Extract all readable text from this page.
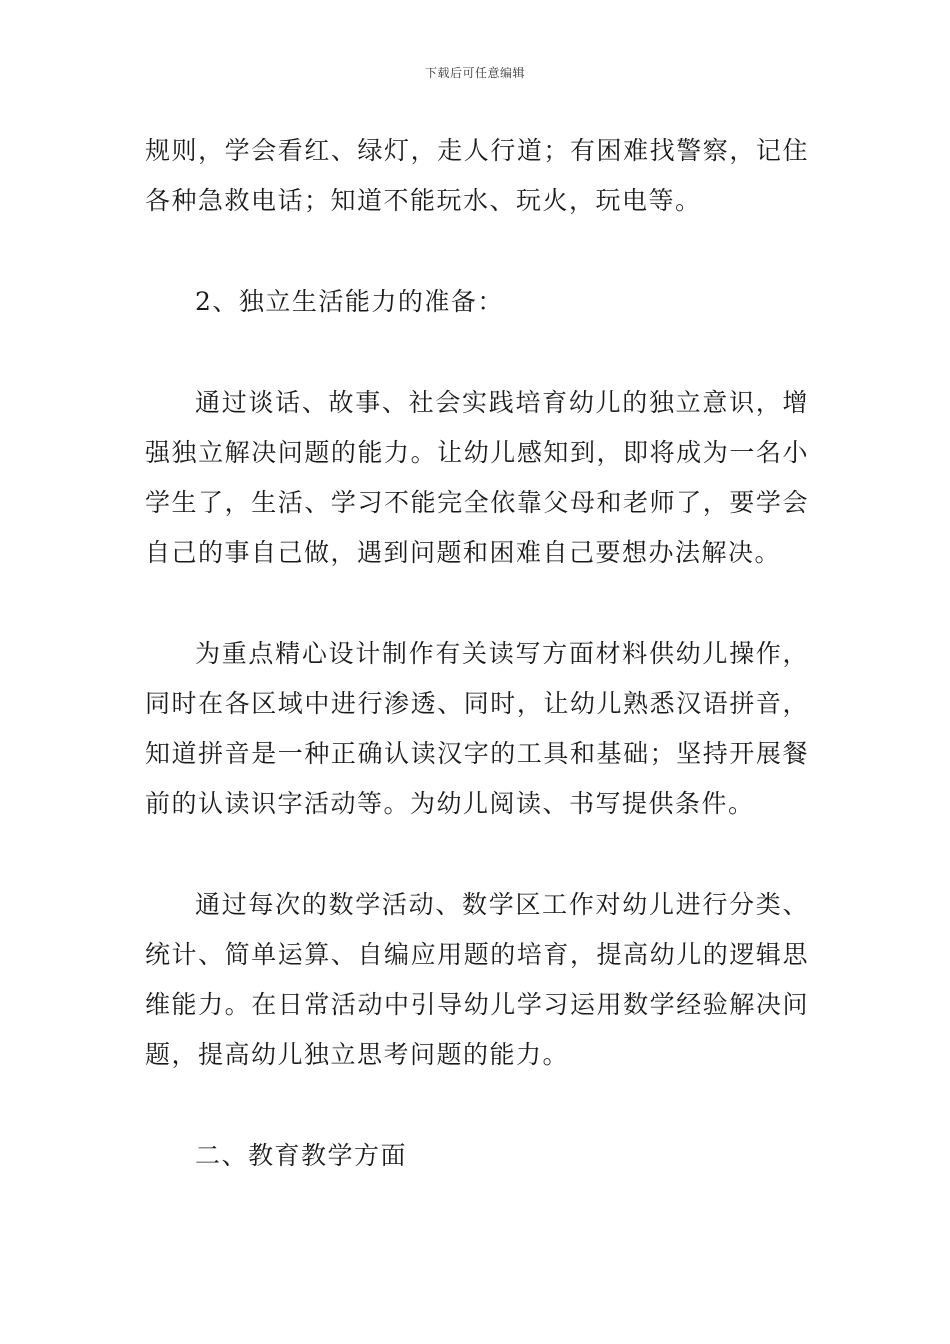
下载后可任意编辑

规则，学会看红、绿灯，走人行道；有困难找警察，记住各种急救电话；知道不能玩水、玩火，玩电等。

2、独立生活能力的准备：

通过谈话、故事、社会实践培育幼儿的独立意识，增强独立解决问题的能力。让幼儿感知到，即将成为一名小学生了，生活、学习不能完全依靠父母和老师了，要学会自己的事自己做，遇到问题和困难自己要想办法解决。

为重点精心设计制作有关读写方面材料供幼儿操作，同时在各区域中进行渗透、同时，让幼儿熟悉汉语拼音，知道拼音是一种正确认读汉字的工具和基础；坚持开展餐前的认读识字活动等。为幼儿阅读、书写提供条件。

通过每次的数学活动、数学区工作对幼儿进行分类、统计、简单运算、自编应用题的培育，提高幼儿的逻辑思维能力。在日常活动中引导幼儿学习运用数学经验解决问题，提高幼儿独立思考问题的能力。

二、教育教学方面
